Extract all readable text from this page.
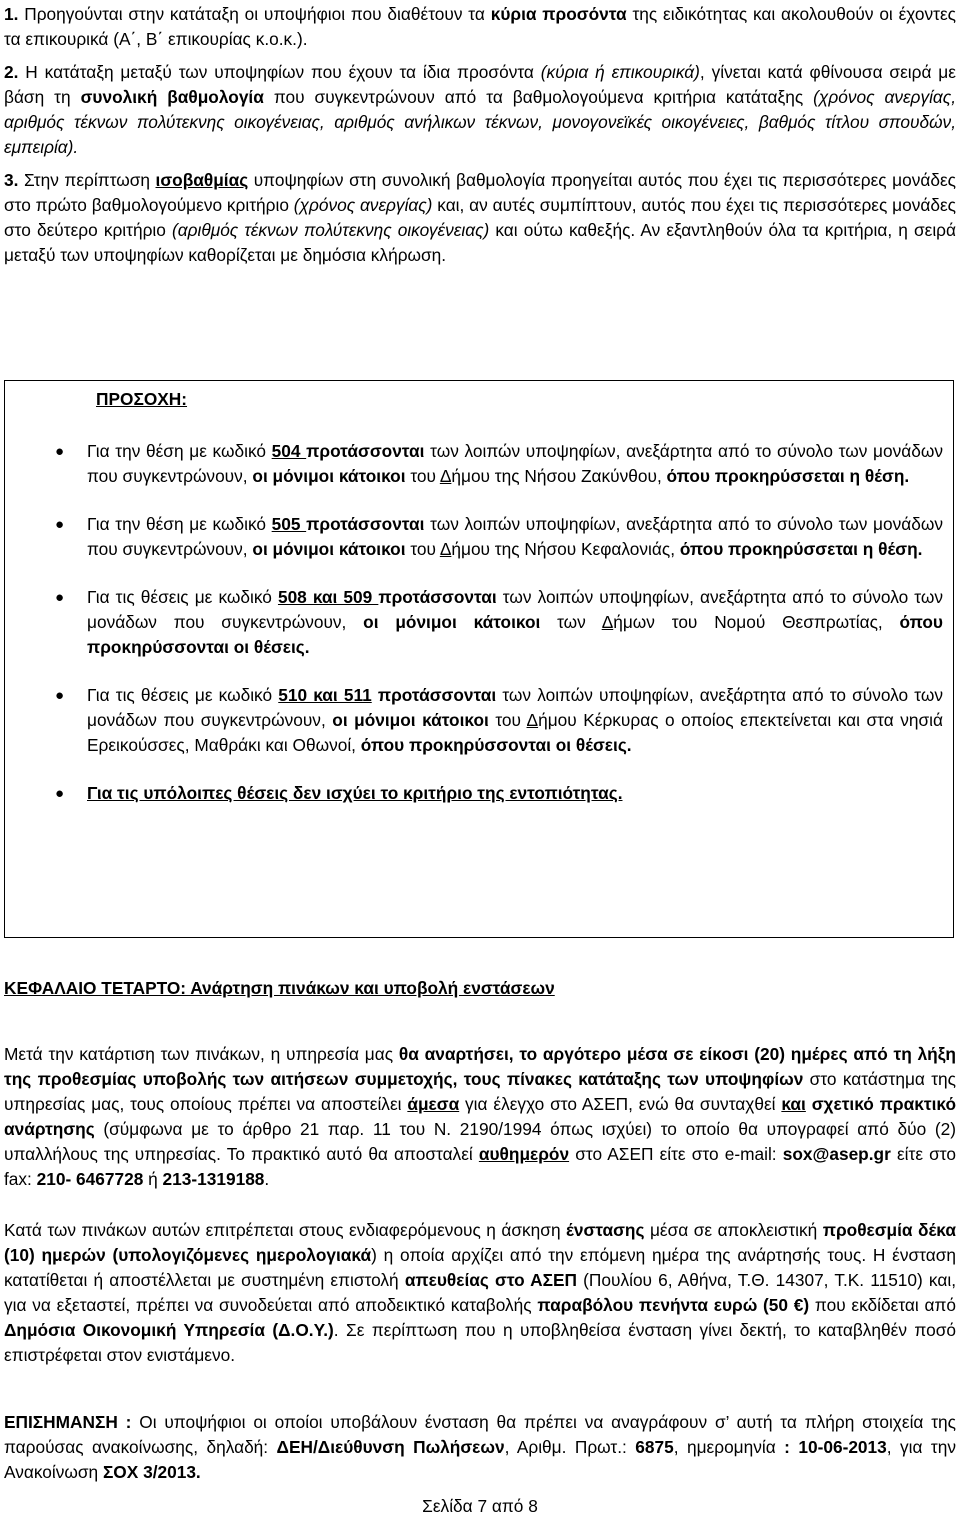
1. Προηγούνται στην κατάταξη οι υποψήφιοι που διαθέτουν τα κύρια προσόντα της ειδικότητας και ακολουθούν οι έχοντες τα επικουρικά (Α΄, Β΄ επικουρίας κ.ο.κ.).

2. Η κατάταξη μεταξύ των υποψηφίων που έχουν τα ίδια προσόντα (κύρια ή επικουρικά), γίνεται κατά φθίνουσα σειρά με βάση τη συνολική βαθμολογία που συγκεντρώνουν από τα βαθμολογούμενα κριτήρια κατάταξης (χρόνος ανεργίας, αριθμός τέκνων πολύτεκνης οικογένειας, αριθμός ανήλικων τέκνων, μονογονεϊκές οικογένειες, βαθμός τίτλου σπουδών, εμπειρία).

3. Στην περίπτωση ισοβαθμίας υποψηφίων στη συνολική βαθμολογία προηγείται αυτός που έχει τις περισσότερες μονάδες στο πρώτο βαθμολογούμενο κριτήριο (χρόνος ανεργίας) και, αν αυτές συμπίπτουν, αυτός που έχει τις περισσότερες μονάδες στο δεύτερο κριτήριο (αριθμός τέκνων πολύτεκνης οικογένειας) και ούτω καθεξής. Αν εξαντληθούν όλα τα κριτήρια, η σειρά μεταξύ των υποψηφίων καθορίζεται με δημόσια κλήρωση.

ΠΡΟΣΟΧΗ:
● Για την θέση με κωδικό 504 προτάσσονται των λοιπών υποψηφίων, ανεξάρτητα από το σύνολο των μονάδων που συγκεντρώνουν, οι μόνιμοι κάτοικοι του Δήμου της Νήσου Ζακύνθου, όπου προκηρύσσεται η θέση.

● Για την θέση με κωδικό 505 προτάσσονται των λοιπών υποψηφίων, ανεξάρτητα από το σύνολο των μονάδων που συγκεντρώνουν, οι μόνιμοι κάτοικοι του Δήμου της Νήσου Κεφαλονιάς, όπου προκηρύσσεται η θέση.

● Για τις θέσεις με κωδικό 508 και 509 προτάσσονται των λοιπών υποψηφίων, ανεξάρτητα από το σύνολο των μονάδων που συγκεντρώνουν, οι μόνιμοι κάτοικοι των Δήμων του Νομού Θεσπρωτίας, όπου προκηρύσσονται οι θέσεις.

● Για τις θέσεις με κωδικό 510 και 511 προτάσσονται των λοιπών υποψηφίων, ανεξάρτητα από το σύνολο των μονάδων που συγκεντρώνουν, οι μόνιμοι κάτοικοι του Δήμου Κέρκυρας ο οποίος επεκτείνεται και στα νησιά Ερεικούσσες, Μαθράκι και Οθωνοί, όπου προκηρύσσονται οι θέσεις.

● Για τις υπόλοιπες θέσεις δεν ισχύει το κριτήριο της εντοπιότητας.

ΚΕΦΑΛΑΙΟ ΤΕΤΑΡΤΟ: Ανάρτηση πινάκων και υποβολή ενστάσεων

Μετά την κατάρτιση των πινάκων, η υπηρεσία μας θα αναρτήσει, το αργότερο μέσα σε είκοσι (20) ημέρες από τη λήξη της προθεσμίας υποβολής των αιτήσεων συμμετοχής, τους πίνακες κατάταξης των υποψηφίων στο κατάστημα της υπηρεσίας μας, τους οποίους πρέπει να αποστείλει άμεσα για έλεγχο στο ΑΣΕΠ, ενώ θα συνταχθεί και σχετικό πρακτικό ανάρτησης (σύμφωνα με το άρθρο 21 παρ. 11 του Ν. 2190/1994 όπως ισχύει) το οποίο θα υπογραφεί από δύο (2) υπαλλήλους της υπηρεσίας. Το πρακτικό αυτό θα αποσταλεί αυθημερόν στο ΑΣΕΠ είτε στο e-mail: sox@asep.gr είτε στο fax: 210- 6467728 ή 213-1319188.

Κατά των πινάκων αυτών επιτρέπεται στους ενδιαφερόμενους η άσκηση ένστασης μέσα σε αποκλειστική προθεσμία δέκα (10) ημερών (υπολογιζόμενες ημερολογιακά) η οποία αρχίζει από την επόμενη ημέρα της ανάρτησής τους. Η ένσταση κατατίθεται ή αποστέλλεται με συστημένη επιστολή απευθείας στο ΑΣΕΠ (Πουλίου 6, Αθήνα, Τ.Θ. 14307, Τ.Κ. 11510) και, για να εξεταστεί, πρέπει να συνοδεύεται από αποδεικτικό καταβολής παραβόλου πενήντα ευρώ (50 €) που εκδίδεται από Δημόσια Οικονομική Υπηρεσία (Δ.Ο.Υ.). Σε περίπτωση που η υποβληθείσα ένσταση γίνει δεκτή, το καταβληθέν ποσό επιστρέφεται στον ενιστάμενο.

ΕΠΙΣΗΜΑΝΣΗ : Οι υποψήφιοι οι οποίοι υποβάλουν ένσταση θα πρέπει να αναγράφουν σ’ αυτή τα πλήρη στοιχεία της παρούσας ανακοίνωσης, δηλαδή: ΔΕΗ/Διεύθυνση Πωλήσεων, Αριθμ. Πρωτ.: 6875, ημερομηνία : 10-06-2013, για την Ανακοίνωση ΣΟΧ 3/2013.

Σελίδα 7 από 8
